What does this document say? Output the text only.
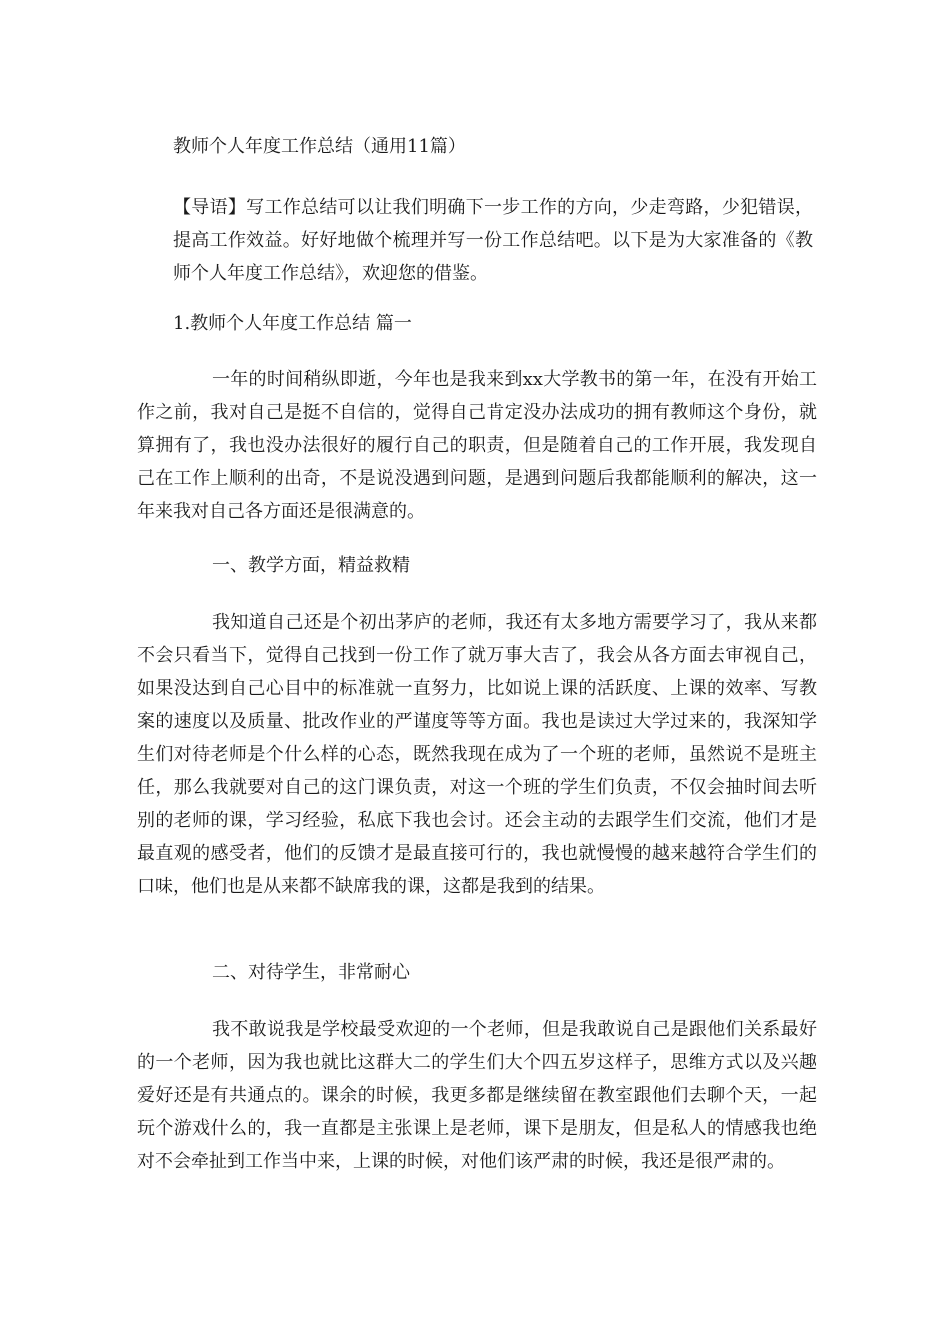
教师个人年度工作总结（通用11篇）

【导语】写工作总结可以让我们明确下一步工作的方向，少走弯路，少犯错误，提高工作效益。好好地做个梳理并写一份工作总结吧。以下是为大家准备的《教师个人年度工作总结》，欢迎您的借鉴。

1.教师个人年度工作总结 篇一

一年的时间稍纵即逝，今年也是我来到xx大学教书的第一年，在没有开始工作之前，我对自己是挺不自信的，觉得自己肯定没办法成功的拥有教师这个身份，就算拥有了，我也没办法很好的履行自己的职责，但是随着自己的工作开展，我发现自己在工作上顺利的出奇，不是说没遇到问题，是遇到问题后我都能顺利的解决，这一年来我对自己各方面还是很满意的。

一、教学方面，精益救精

我知道自己还是个初出茅庐的老师，我还有太多地方需要学习了，我从来都不会只看当下，觉得自己找到一份工作了就万事大吉了，我会从各方面去审视自己，如果没达到自己心目中的标准就一直努力，比如说上课的活跃度、上课的效率、写教案的速度以及质量、批改作业的严谨度等等方面。我也是读过大学过来的，我深知学生们对待老师是个什么样的心态，既然我现在成为了一个班的老师，虽然说不是班主任，那么我就要对自己的这门课负责，对这一个班的学生们负责，不仅会抽时间去听别的老师的课，学习经验，私底下我也会讨。还会主动的去跟学生们交流，他们才是最直观的感受者，他们的反馈才是最直接可行的，我也就慢慢的越来越符合学生们的口味，他们也是从来都不缺席我的课，这都是我到的结果。

二、对待学生，非常耐心

我不敢说我是学校最受欢迎的一个老师，但是我敢说自己是跟他们关系最好的一个老师，因为我也就比这群大二的学生们大个四五岁这样子，思维方式以及兴趣爱好还是有共通点的。课余的时候，我更多都是继续留在教室跟他们去聊个天，一起玩个游戏什么的，我一直都是主张课上是老师，课下是朋友，但是私人的情感我也绝对不会牵扯到工作当中来，上课的时候，对他们该严肃的时候，我还是很严肃的。
